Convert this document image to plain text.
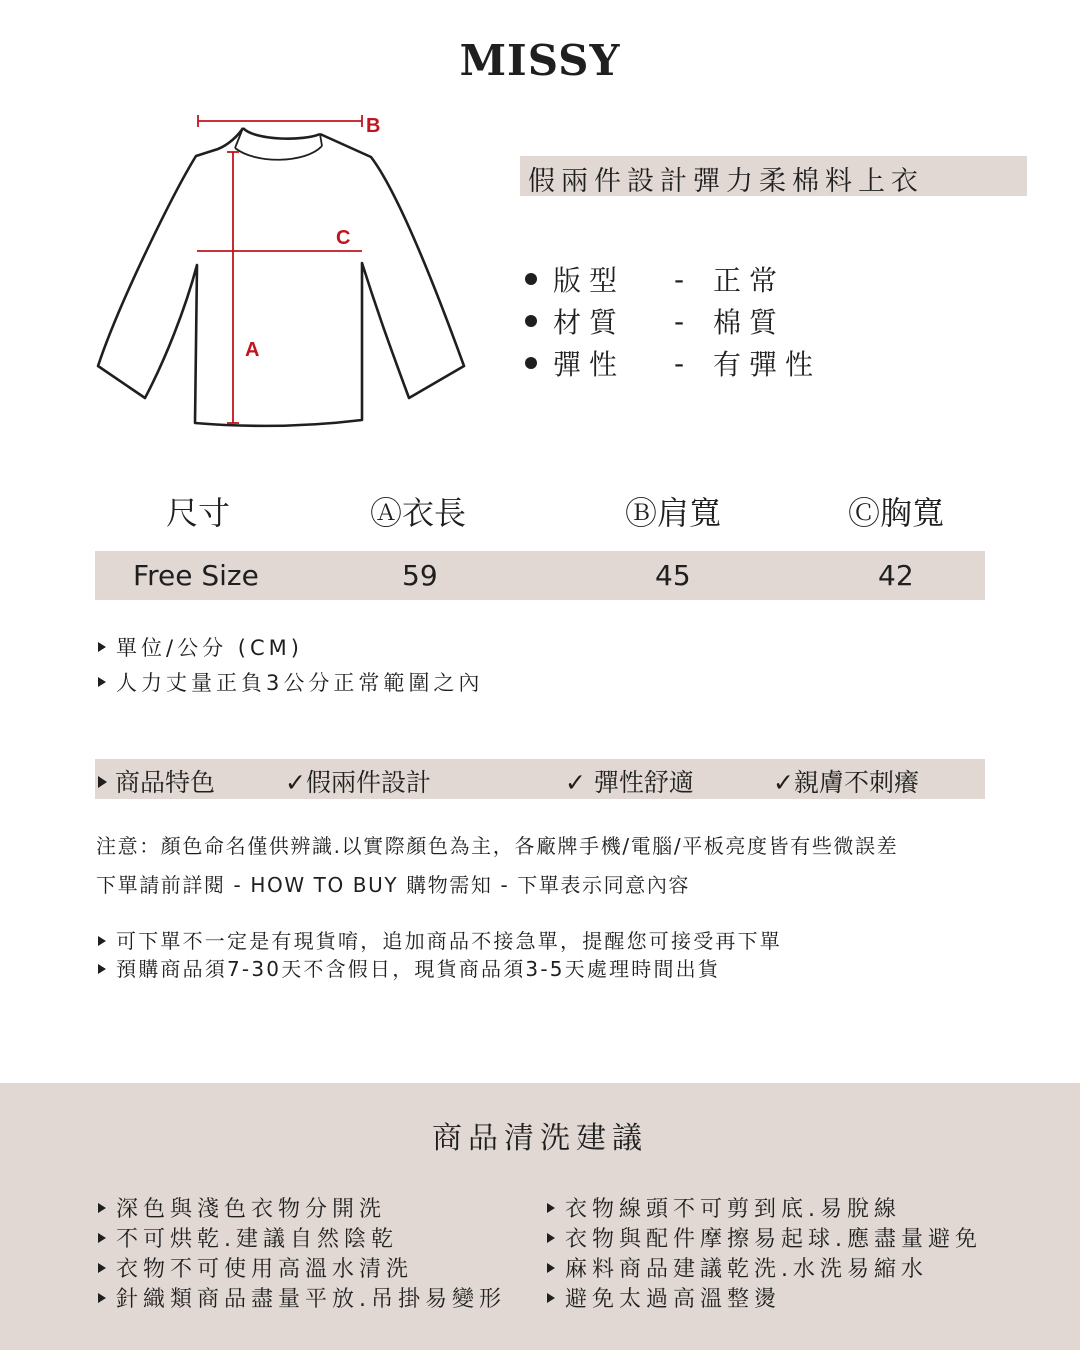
MISSY
B
C
A
假兩件設計彈力柔棉料上衣
版型	-	正常
材質	-	棉質
彈性	-	有彈性
尺寸	Ⓐ衣長	Ⓑ肩寬	Ⓒ胸寬
Free Size	59	45	42
單位/公分 (CM)
人力丈量正負3公分正常範圍之內
商品特色	✓假兩件設計	✓ 彈性舒適	✓親膚不刺癢
注意：顏色命名僅供辨識.以實際顏色為主，各廠牌手機/電腦/平板亮度皆有些微誤差
下單請前詳閱 - HOW TO BUY 購物需知 - 下單表示同意內容
可下單不一定是有現貨唷，追加商品不接急單，提醒您可接受再下單
預購商品須7-30天不含假日，現貨商品須3-5天處理時間出貨
商品清洗建議
深色與淺色衣物分開洗
不可烘乾.建議自然陰乾
衣物不可使用高溫水清洗
針織類商品盡量平放.吊掛易變形
衣物線頭不可剪到底.易脫線
衣物與配件摩擦易起球.應盡量避免
麻料商品建議乾洗.水洗易縮水
避免太過高溫整燙
